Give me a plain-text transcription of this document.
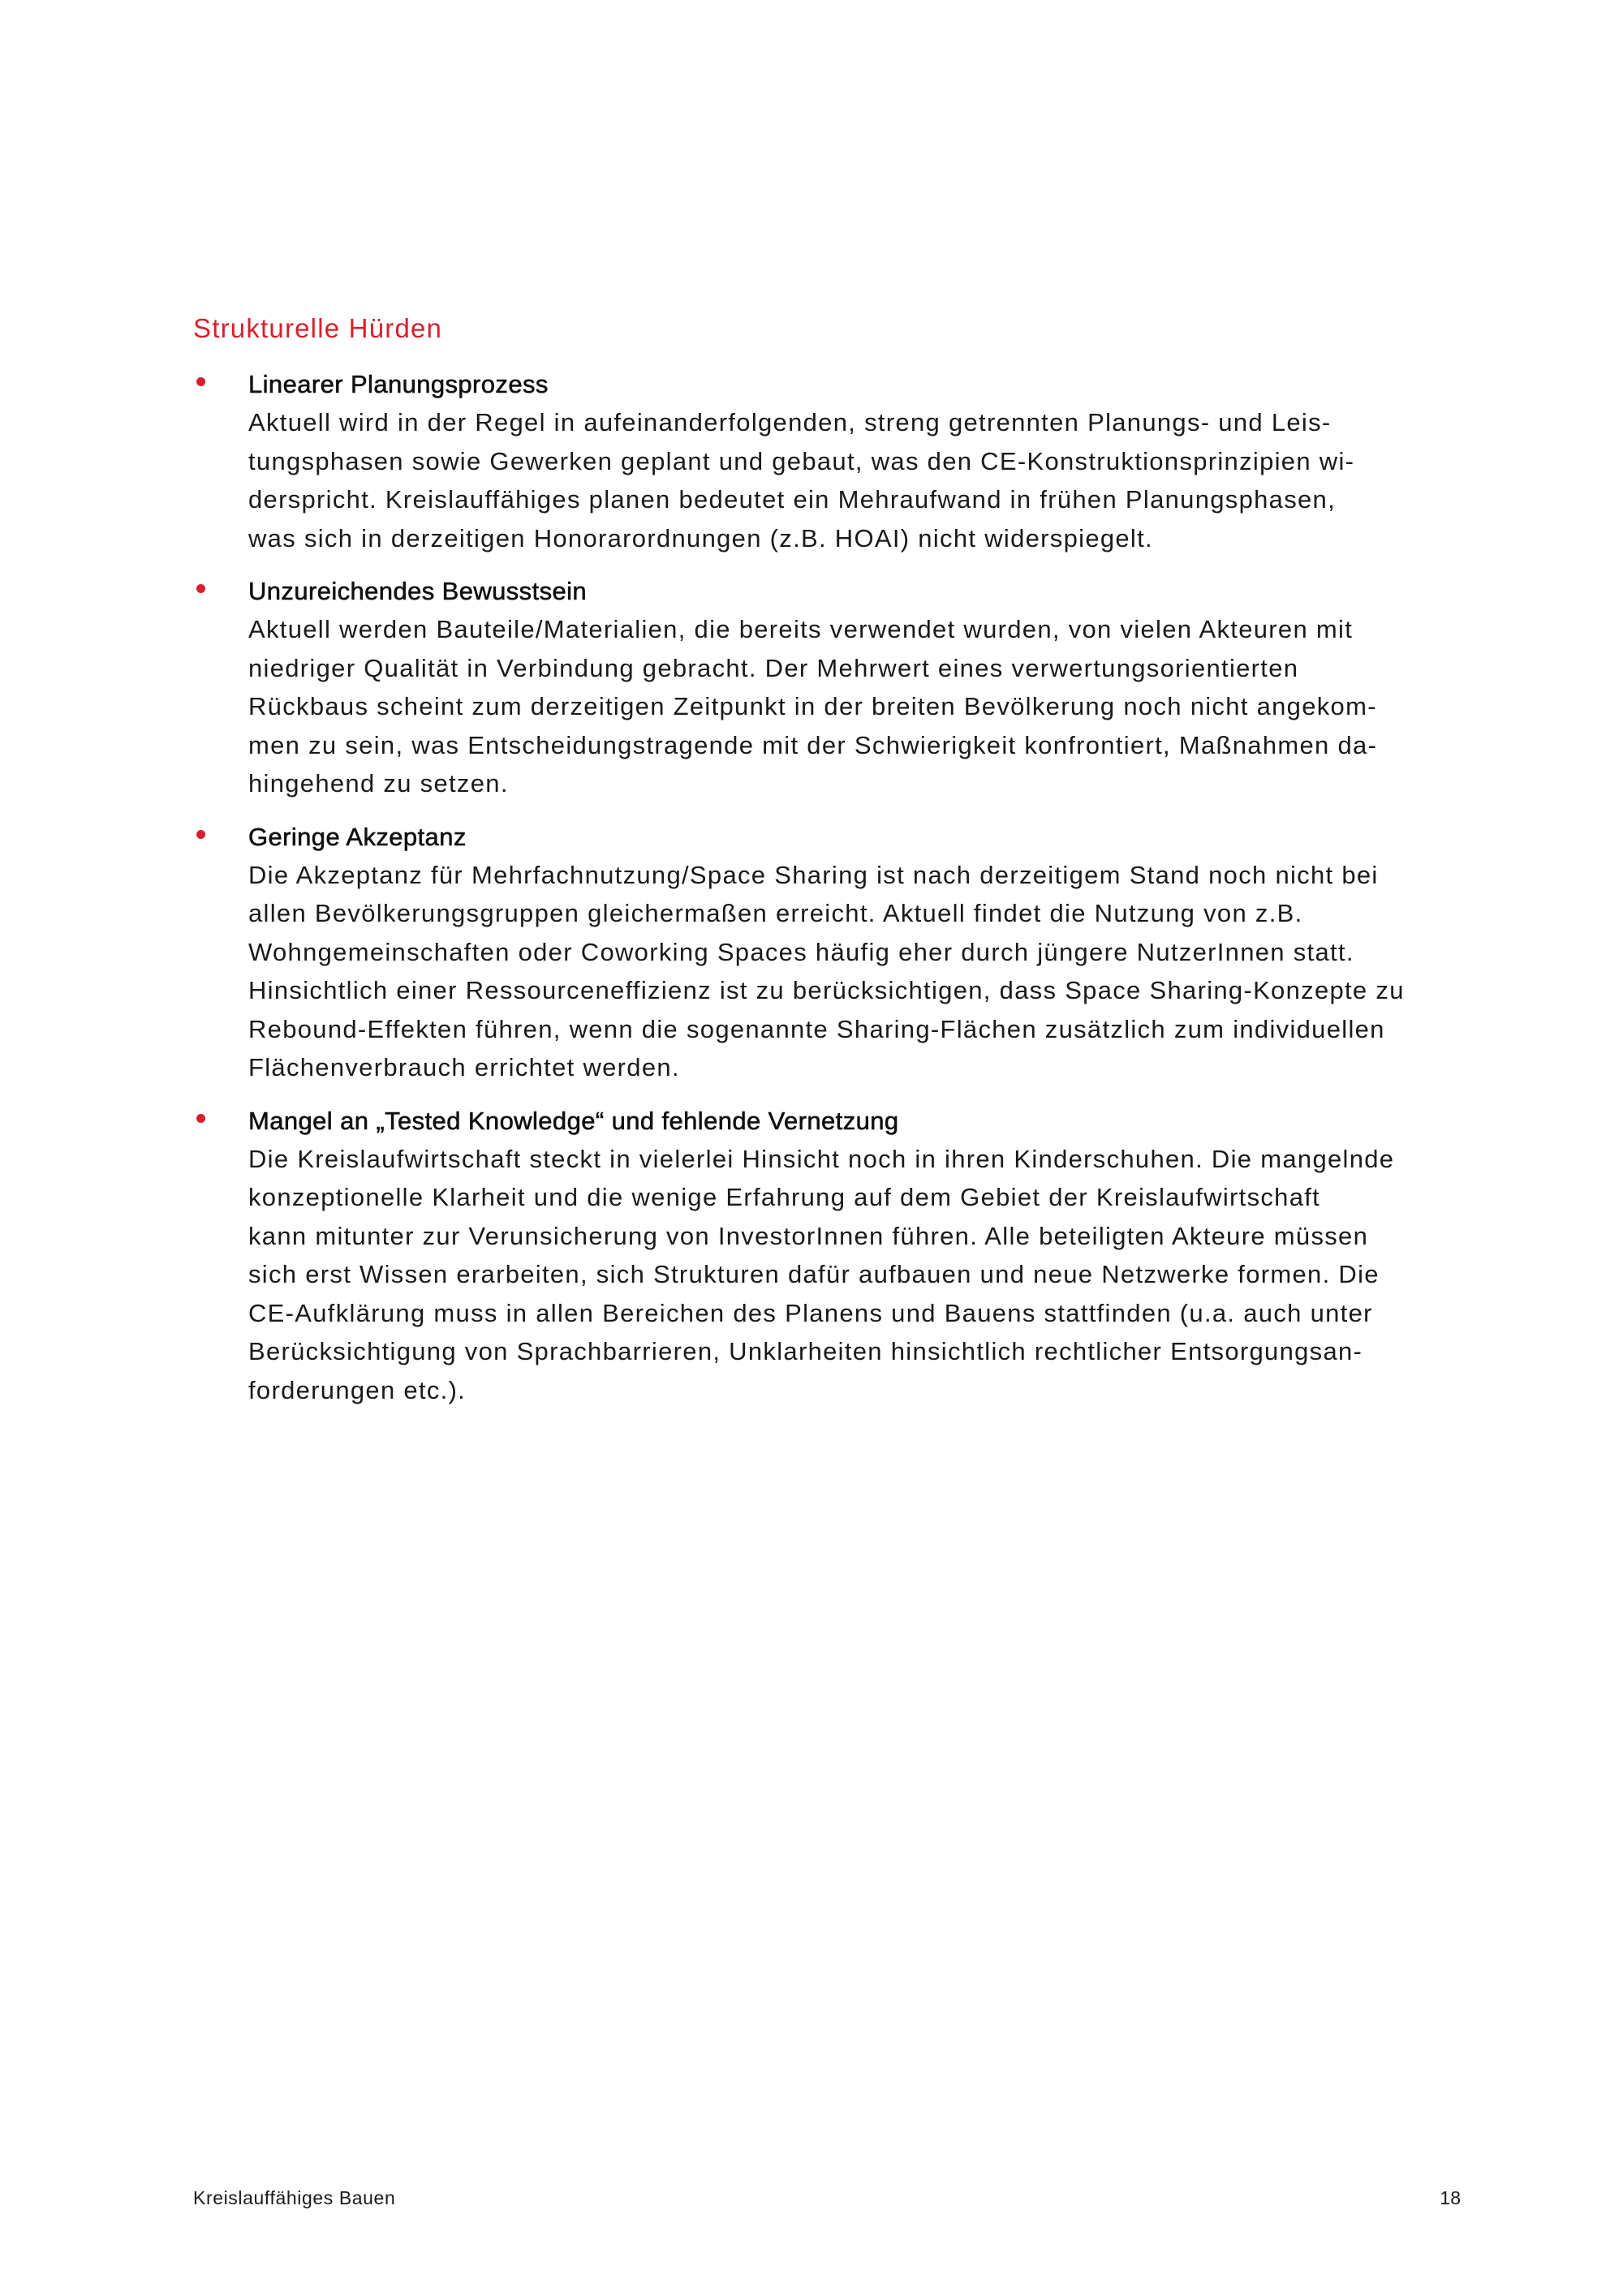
Strukturelle Hürden
Linearer Planungsprozess
Aktuell wird in der Regel in aufeinanderfolgenden, streng getrennten Planungs- und Leis-
tungsphasen sowie Gewerken geplant und gebaut, was den CE-Konstruktionsprinzipien wi-
derspricht. Kreislauffähiges planen bedeutet ein Mehraufwand in frühen Planungsphasen,
was sich in derzeitigen Honorarordnungen (z.B. HOAI) nicht widerspiegelt.
Unzureichendes Bewusstsein
Aktuell werden Bauteile/Materialien, die bereits verwendet wurden, von vielen Akteuren mit
niedriger Qualität in Verbindung gebracht. Der Mehrwert eines verwertungsorientierten
Rückbaus scheint zum derzeitigen Zeitpunkt in der breiten Bevölkerung noch nicht angekom-
men zu sein, was Entscheidungstragende mit der Schwierigkeit konfrontiert, Maßnahmen da-
hingehend zu setzen.
Geringe Akzeptanz
Die Akzeptanz für Mehrfachnutzung/Space Sharing ist nach derzeitigem Stand noch nicht bei
allen Bevölkerungsgruppen gleichermaßen erreicht. Aktuell findet die Nutzung von z.B.
Wohngemeinschaften oder Coworking Spaces häufig eher durch jüngere NutzerInnen statt.
Hinsichtlich einer Ressourceneffizienz ist zu berücksichtigen, dass Space Sharing-Konzepte zu
Rebound-Effekten führen, wenn die sogenannte Sharing-Flächen zusätzlich zum individuellen
Flächenverbrauch errichtet werden.
Mangel an „Tested Knowledge“ und fehlende Vernetzung
Die Kreislaufwirtschaft steckt in vielerlei Hinsicht noch in ihren Kinderschuhen. Die mangelnde
konzeptionelle Klarheit und die wenige Erfahrung auf dem Gebiet der Kreislaufwirtschaft
kann mitunter zur Verunsicherung von InvestorInnen führen. Alle beteiligten Akteure müssen
sich erst Wissen erarbeiten, sich Strukturen dafür aufbauen und neue Netzwerke formen. Die
CE-Aufklärung muss in allen Bereichen des Planens und Bauens stattfinden (u.a. auch unter
Berücksichtigung von Sprachbarrieren, Unklarheiten hinsichtlich rechtlicher Entsorgungsan-
forderungen etc.).
Kreislauffähiges Bauen	18
